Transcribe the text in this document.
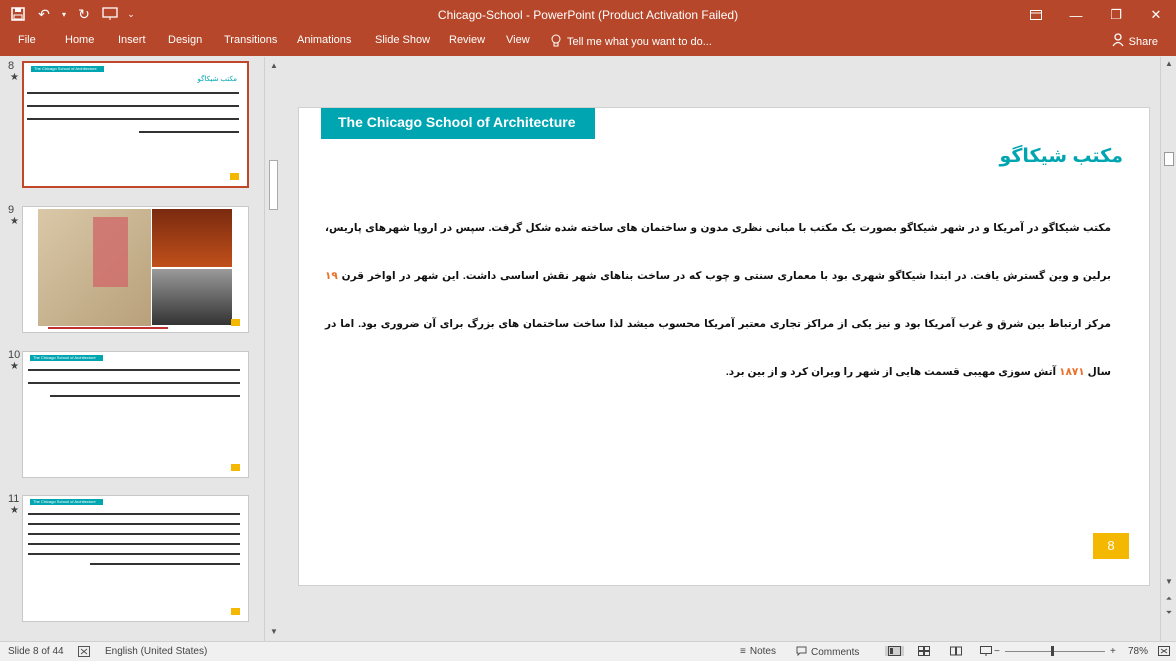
↶	▾ ↻	⌄	Chicago-School - PowerPoint (Product Activation Failed)	—	❐	✕
File	Home Insert Design Transitions Animations Slide Show Review View	Tell me what you want to do...	Share
8
★
The Chicago School of Architecture
مکتب شیکاگو
9
★
10
★
The Chicago School of Architecture
11
★
The Chicago School of Architecture
▲
▼
The Chicago School of Architecture
مکتب شیکاگو
مکتب شیکاگو در آمریکا و در شهر شیکاگو بصورت یک مکتب با مبانی نظری مدون و ساختمان های ساخته شده شکل گرفت. سپس در اروپا شهرهای پاریس، برلین و وین گسترش یافت. در ابتدا شیکاگو شهری بود با معماری سنتی و چوب که در ساخت بناهای شهر نقش اساسی داشت. این شهر در اواخر قرن ۱۹ مرکز ارتباط بین شرق و غرب آمریکا بود و نیز یکی از مراکز تجاری معتبر آمریکا محسوب میشد لذا ساخت ساختمان های بزرگ برای آن ضروری بود. اما در سال ۱۸۷۱ آتش سوزی مهیبی قسمت هایی از شهر را ویران کرد و از بین برد.
8
▲
▼
⏶
⏷
Slide 8 of 44	English (United States)	≡ Notes	Comments	−	+ 78%
